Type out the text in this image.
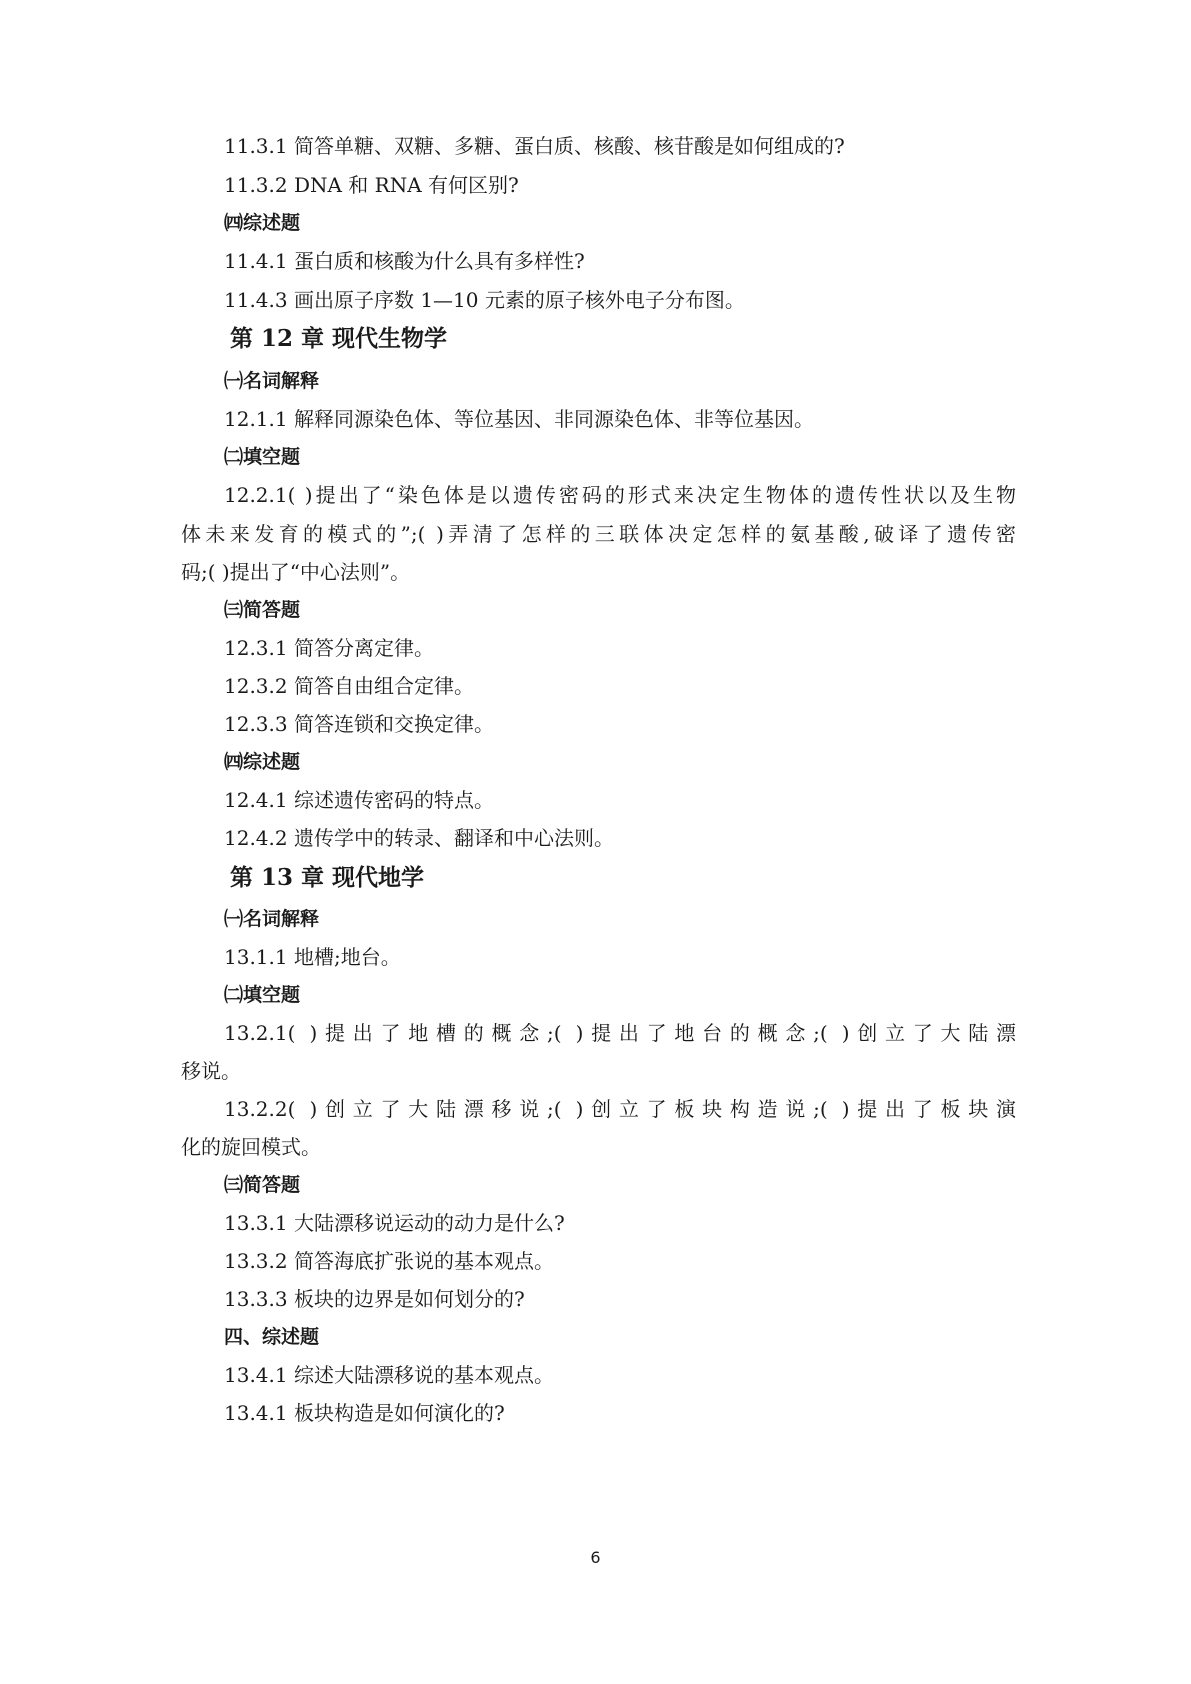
11.3.1 简答单糖、双糖、多糖、蛋白质、核酸、核苷酸是如何组成的?
11.3.2 DNA 和 RNA 有何区别?
㈣综述题
11.4.1 蛋白质和核酸为什么具有多样性?
11.4.3 画出原子序数 1—10 元素的原子核外电子分布图。
第 12 章 现代生物学
㈠名词解释
12.1.1 解释同源染色体、等位基因、非同源染色体、非等位基因。
㈡填空题
12.2.1( )提出了“染色体是以遗传密码的形式来决定生物体的遗传性状以及生物
体未来发育的模式的”;( )弄清了怎样的三联体决定怎样的氨基酸,破译了遗传密
码;( )提出了“中心法则”。
㈢简答题
12.3.1 简答分离定律。
12.3.2 简答自由组合定律。
12.3.3 简答连锁和交换定律。
㈣综述题
12.4.1 综述遗传密码的特点。
12.4.2 遗传学中的转录、翻译和中心法则。
第 13 章 现代地学
㈠名词解释
13.1.1 地槽;地台。
㈡填空题
13.2.1( )提出了地槽的概念;( )提出了地台的概念;( )创立了大陆漂
移说。
13.2.2( )创立了大陆漂移说;( )创立了板块构造说;( )提出了板块演
化的旋回模式。
㈢简答题
13.3.1 大陆漂移说运动的动力是什么?
13.3.2 简答海底扩张说的基本观点。
13.3.3 板块的边界是如何划分的?
四、综述题
13.4.1 综述大陆漂移说的基本观点。
13.4.1 板块构造是如何演化的?
6
